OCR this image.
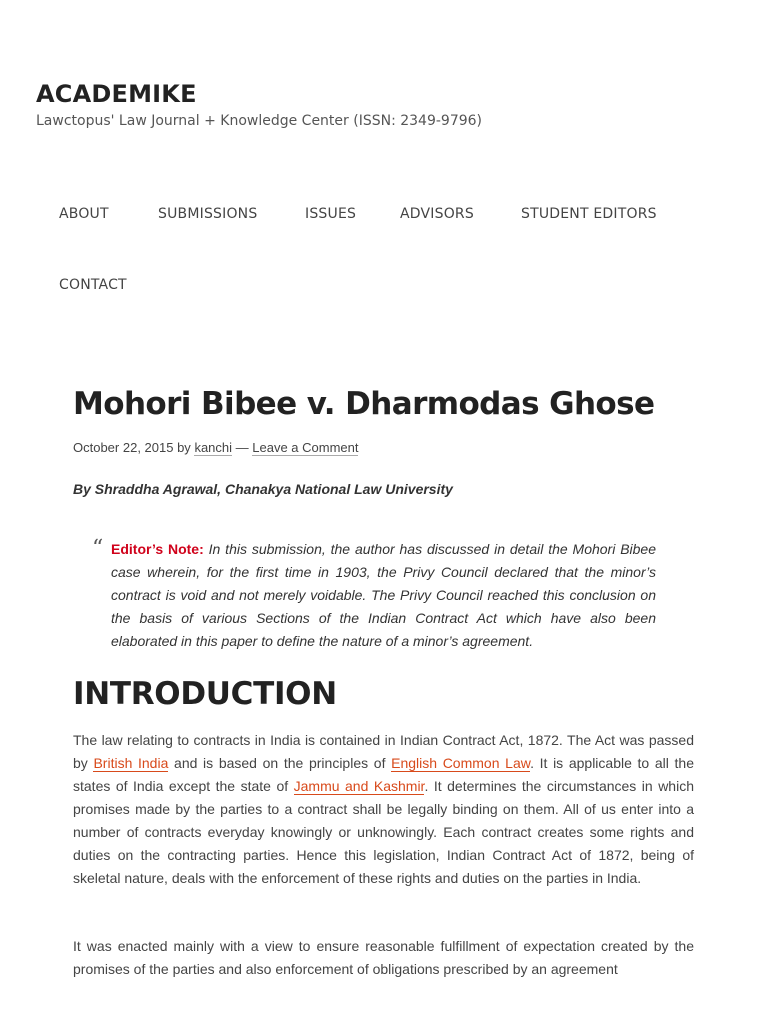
ACADEMIKE
Lawctopus' Law Journal + Knowledge Center (ISSN: 2349-9796)
ABOUT	SUBMISSIONS	ISSUES	ADVISORS	STUDENT EDITORS
CONTACT
Mohori Bibee v. Dharmodas Ghose
October 22, 2015 by kanchi — Leave a Comment
By Shraddha Agrawal, Chanakya National Law University
“ Editor’s Note: In this submission, the author has discussed in detail the Mohori Bibee case wherein, for the first time in 1903, the Privy Council declared that the minor’s contract is void and not merely voidable. The Privy Council reached this conclusion on the basis of various Sections of the Indian Contract Act which have also been elaborated in this paper to define the nature of a minor’s agreement.
INTRODUCTION

The law relating to contracts in India is contained in Indian Contract Act, 1872. The Act was passed by British India and is based on the principles of English Common Law. It is applicable to all the states of India except the state of Jammu and Kashmir. It determines the circumstances in which promises made by the parties to a contract shall be legally binding on them. All of us enter into a number of contracts everyday knowingly or unknowingly. Each contract creates some rights and duties on the contracting parties. Hence this legislation, Indian Contract Act of 1872, being of skeletal nature, deals with the enforcement of these rights and duties on the parties in India.

It was enacted mainly with a view to ensure reasonable fulfillment of expectation created by the promises of the parties and also enforcement of obligations prescribed by an agreement
